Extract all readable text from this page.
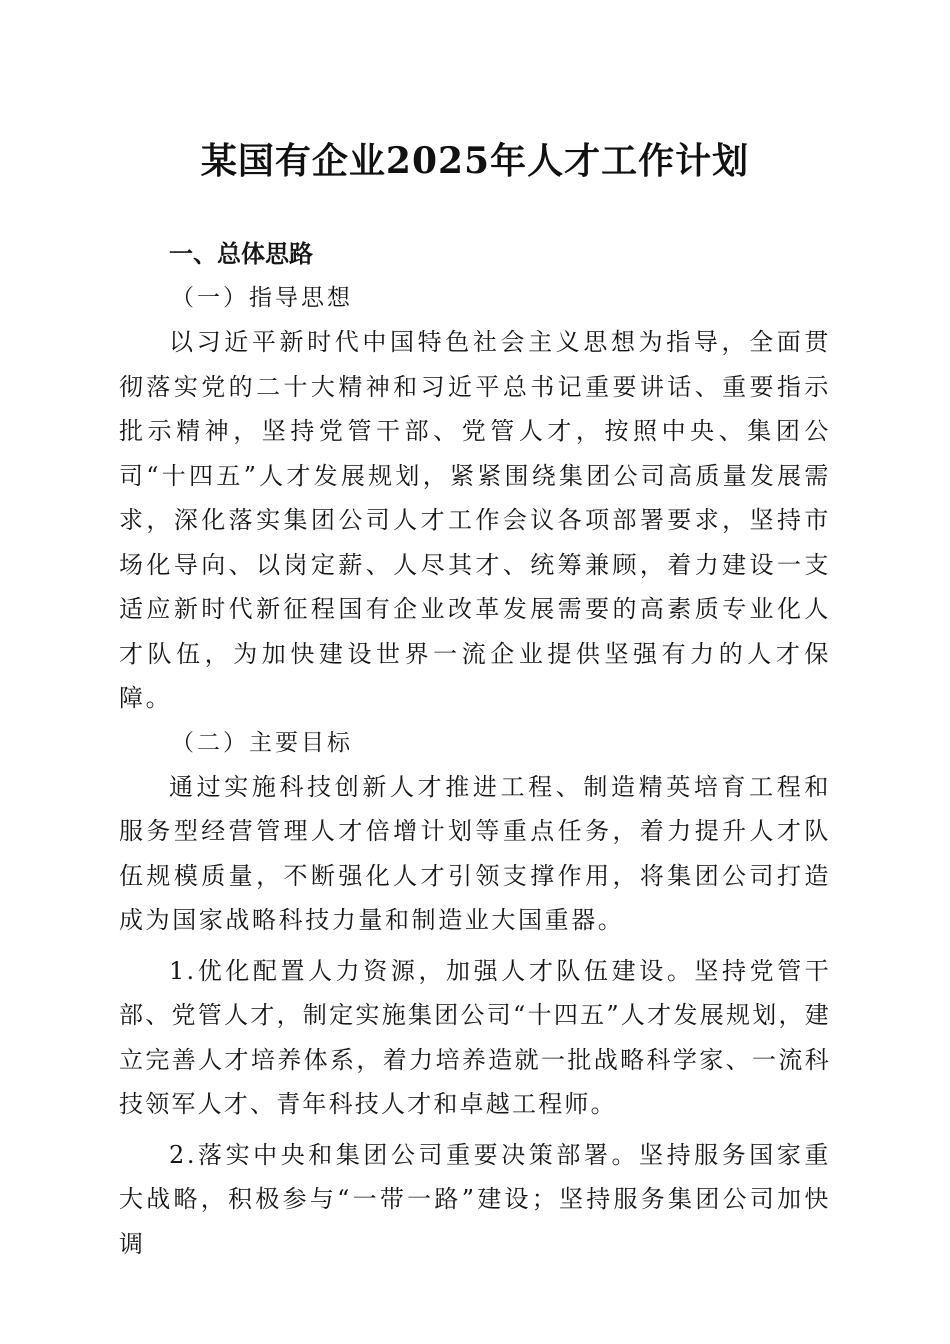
某国有企业2025年人才工作计划

一、总体思路

（一）指导思想

以习近平新时代中国特色社会主义思想为指导，全面贯彻落实党的二十大精神和习近平总书记重要讲话、重要指示批示精神，坚持党管干部、党管人才，按照中央、集团公司“十四五”人才发展规划，紧紧围绕集团公司高质量发展需求，深化落实集团公司人才工作会议各项部署要求，坚持市场化导向、以岗定薪、人尽其才、统筹兼顾，着力建设一支适应新时代新征程国有企业改革发展需要的高素质专业化人才队伍，为加快建设世界一流企业提供坚强有力的人才保障。

（二）主要目标

通过实施科技创新人才推进工程、制造精英培育工程和服务型经营管理人才倍增计划等重点任务，着力提升人才队伍规模质量，不断强化人才引领支撑作用，将集团公司打造成为国家战略科技力量和制造业大国重器。

1.优化配置人力资源，加强人才队伍建设。坚持党管干部、党管人才，制定实施集团公司“十四五”人才发展规划，建立完善人才培养体系，着力培养造就一批战略科学家、一流科技领军人才、青年科技人才和卓越工程师。

2.落实中央和集团公司重要决策部署。坚持服务国家重大战略，积极参与“一带一路”建设；坚持服务集团公司加快调
